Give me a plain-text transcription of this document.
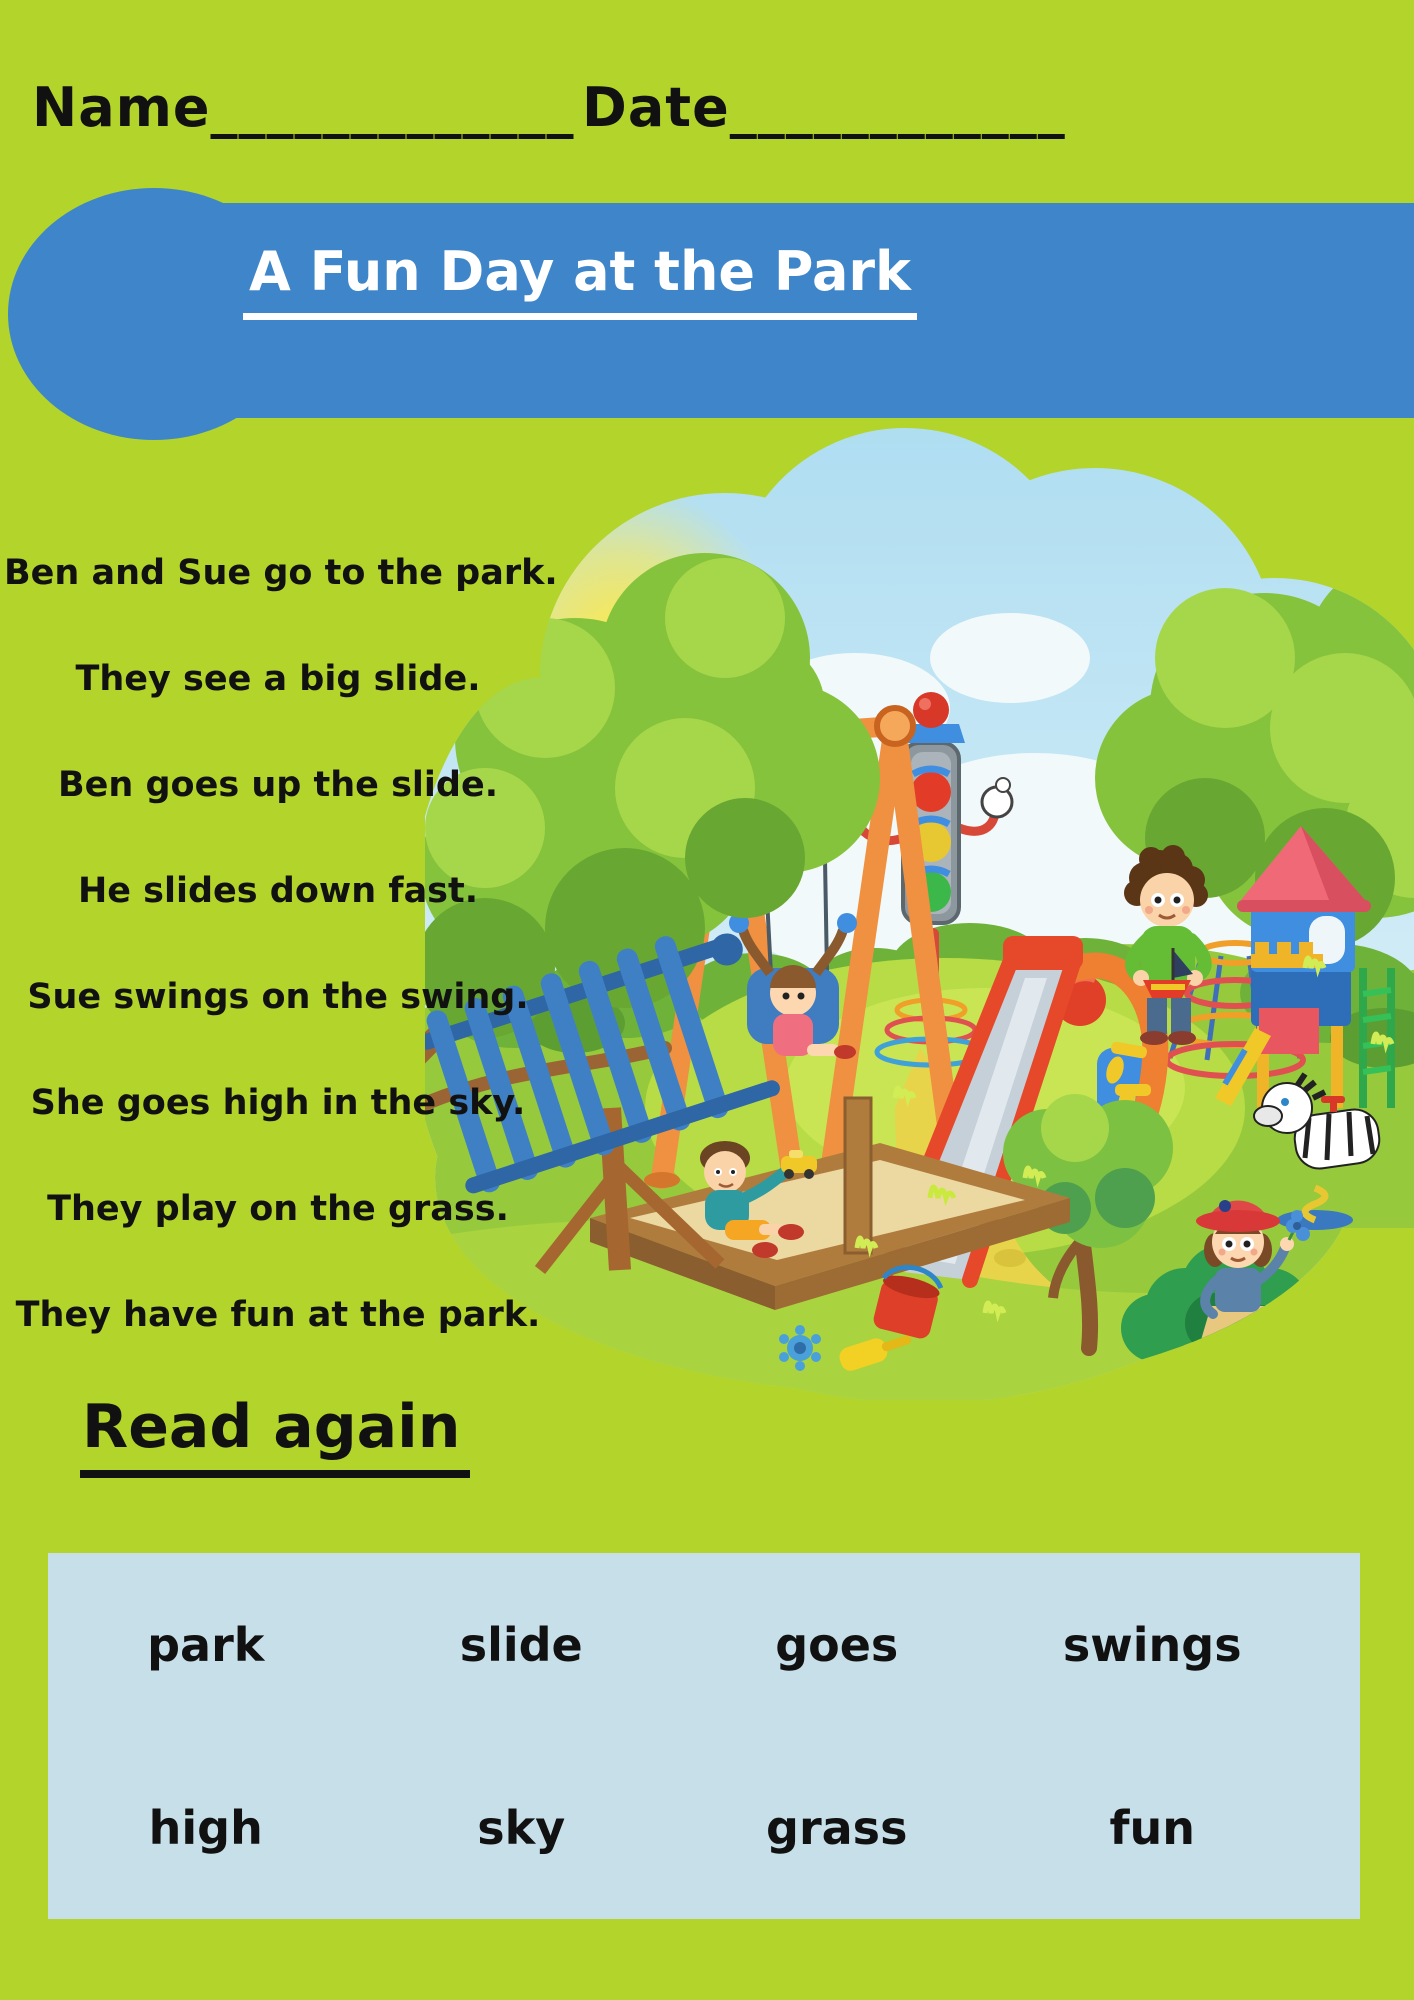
Name_____________ Date____________
A Fun Day at the Park
Ben and Sue go to the park.
They see a big slide.
Ben goes up the slide.
He slides down fast.
Sue swings on the swing.
She goes high in the sky.
They play on the grass.
They have fun at the park.
Read again
park	slide	goes	swings
high	sky	grass	fun
